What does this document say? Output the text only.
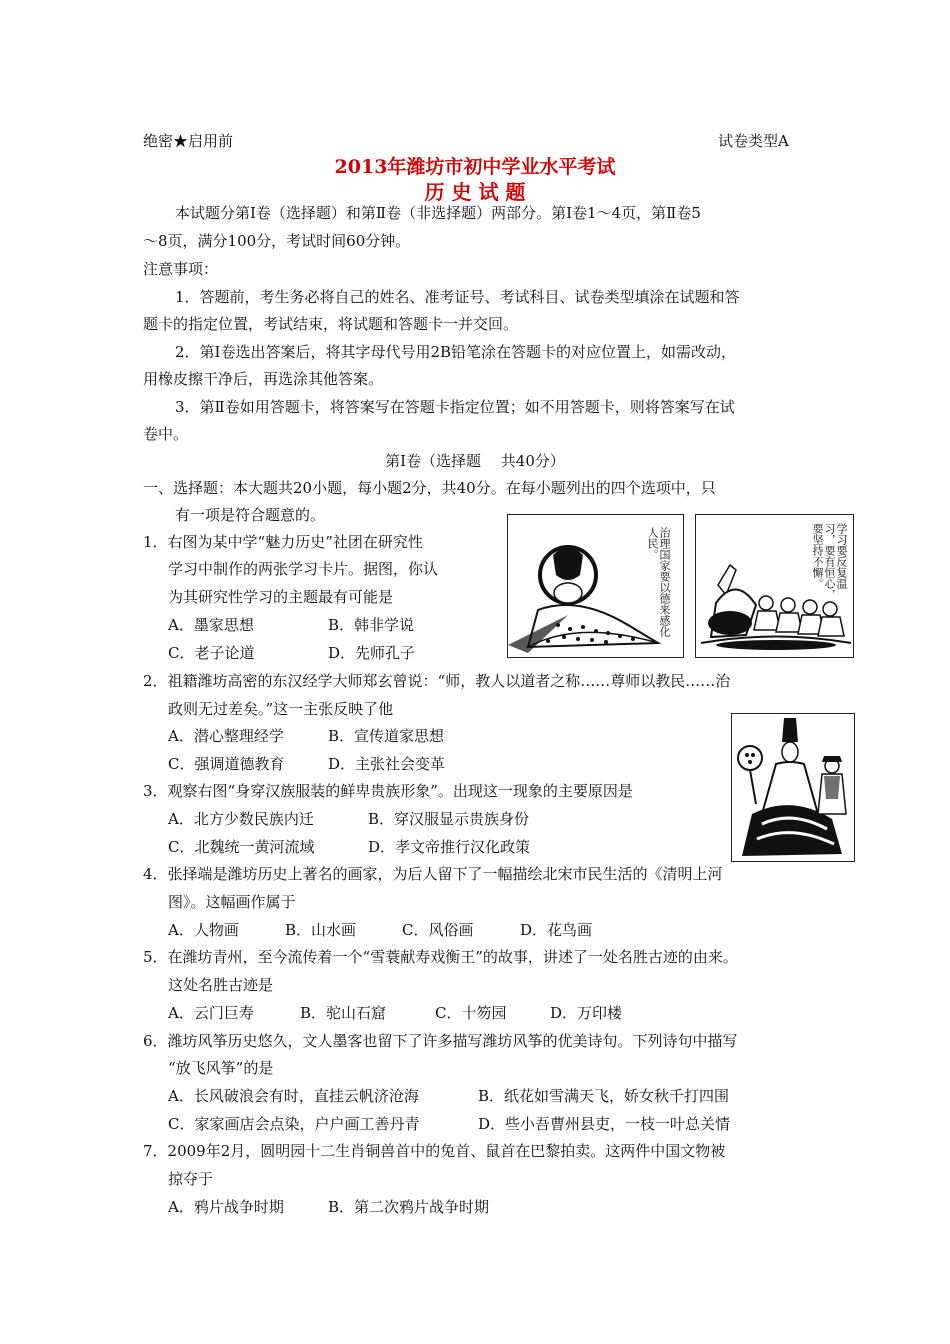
绝密★启用前	试卷类型A
2013年潍坊市初中学业水平考试
历 史 试 题
本试题分第Ⅰ卷（选择题）和第Ⅱ卷（非选择题）两部分。第Ⅰ卷1～4页，第Ⅱ卷5
～8页，满分100分，考试时间60分钟。
注意事项：
1．答题前，考生务必将自己的姓名、准考证号、考试科目、试卷类型填涂在试题和答
题卡的指定位置，考试结束，将试题和答题卡一并交回。
2．第Ⅰ卷选出答案后，将其字母代号用2B铅笔涂在答题卡的对应位置上，如需改动，
用橡皮擦干净后，再选涂其他答案。
3．第Ⅱ卷如用答题卡，将答案写在答题卡指定位置；如不用答题卡，则将答案写在试
卷中。
第Ⅰ卷（选择题　 共40分）
一、选择题：本大题共20小题，每小题2分，共40分。在每小题列出的四个选项中，只
有一项是符合题意的。
治理国家要以德来感化人民。	学习要反复温习，要有恒心，要坚持不懈。
1．右图为某中学“魅力历史”社团在研究性
学习中制作的两张学习卡片。据图，你认
为其研究性学习的主题最有可能是
A．墨家思想	B．韩非学说
C．老子论道	D．先师孔子
2．祖籍潍坊高密的东汉经学大师郑玄曾说：“师，教人以道者之称……尊师以教民……治
政则无过差矣。”这一主张反映了他
A．潜心整理经学	B．宣传道家思想
C．强调道德教育	D．主张社会变革
3．观察右图“身穿汉族服装的鲜卑贵族形象”。出现这一现象的主要原因是
A．北方少数民族内迁	B．穿汉服显示贵族身份
C．北魏统一黄河流域	D．孝文帝推行汉化政策
4．张择端是潍坊历史上著名的画家，为后人留下了一幅描绘北宋市民生活的《清明上河
图》。这幅画作属于
A．人物画	B．山水画	C．风俗画	D．花鸟画
5．在潍坊青州，至今流传着一个“雪蓑献寿戏衡王”的故事，讲述了一处名胜古迹的由来。
这处名胜古迹是
A．云门巨寿	B．驼山石窟	C．十笏园	D．万印楼
6．潍坊风筝历史悠久，文人墨客也留下了许多描写潍坊风筝的优美诗句。下列诗句中描写
“放飞风筝”的是
A．长风破浪会有时，直挂云帆济沧海	B．纸花如雪满天飞，娇女秋千打四围
C．家家画店会点染，户户画工善丹青	D．些小吾曹州县吏，一枝一叶总关情
7．2009年2月，圆明园十二生肖铜兽首中的兔首、鼠首在巴黎拍卖。这两件中国文物被
掠夺于
A．鸦片战争时期	B．第二次鸦片战争时期
